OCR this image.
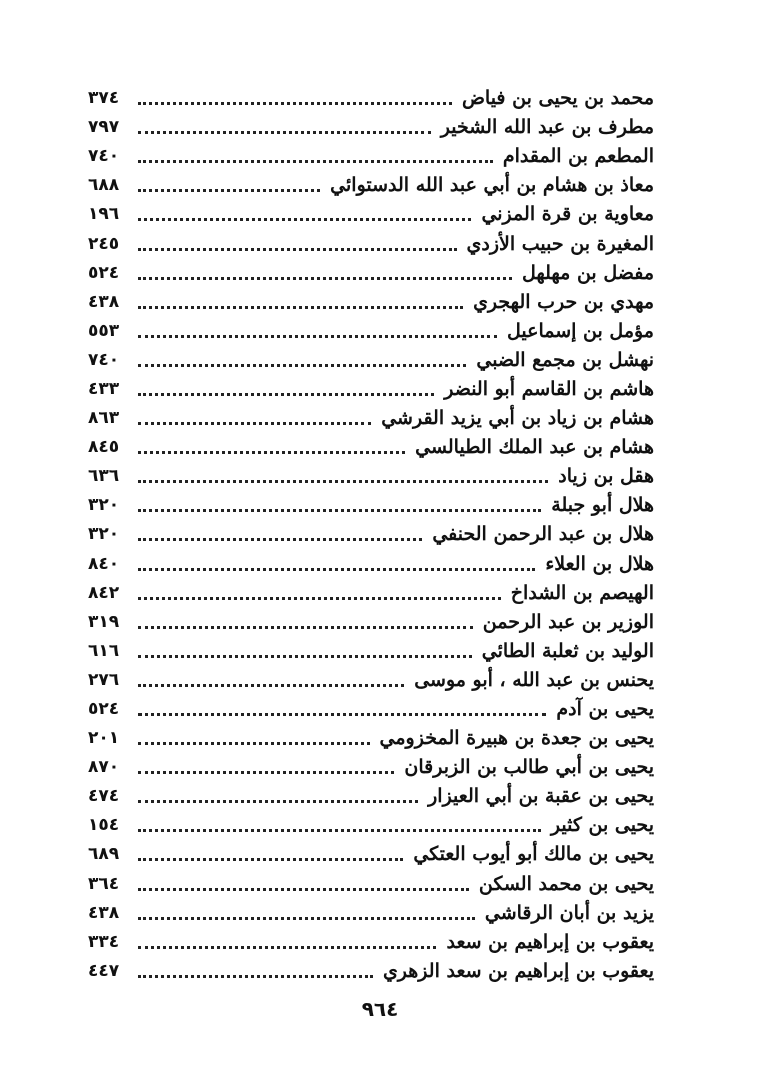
محمد بن يحيى بن فياض
٣٧٤
مطرف بن عبد الله الشخير
٧٩٧
المطعم بن المقدام
٧٤٠
معاذ بن هشام بن أبي عبد الله الدستوائي
٦٨٨
معاوية بن قرة المزني
١٩٦
المغيرة بن حبيب الأزدي
٢٤٥
مفضل بن مهلهل
٥٢٤
مهدي بن حرب الهجري
٤٣٨
مؤمل بن إسماعيل
٥٥٣
نهشل بن مجمع الضبي
٧٤٠
هاشم بن القاسم أبو النضر
٤٣٣
هشام بن زياد بن أبي يزيد القرشي
٨٦٣
هشام بن عبد الملك الطيالسي
٨٤٥
هقل بن زياد
٦٣٦
هلال أبو جبلة
٣٢٠
هلال بن عبد الرحمن الحنفي
٣٢٠
هلال بن العلاء
٨٤٠
الهيصم بن الشداخ
٨٤٢
الوزير بن عبد الرحمن
٣١٩
الوليد بن ثعلبة الطائي
٦١٦
يحنس بن عبد الله ، أبو موسى
٢٧٦
يحيى بن آدم
٥٢٤
يحيى بن جعدة بن هبيرة المخزومي
٢٠١
يحيى بن أبي طالب بن الزبرقان
٨٧٠
يحيى بن عقبة بن أبي العيزار
٤٧٤
يحيى بن كثير
١٥٤
يحيى بن مالك أبو أيوب العتكي
٦٨٩
يحيى بن محمد السكن
٣٦٤
يزيد بن أبان الرقاشي
٤٣٨
يعقوب بن إبراهيم بن سعد
٣٣٤
يعقوب بن إبراهيم بن سعد الزهري
٤٤٧
٩٦٤
